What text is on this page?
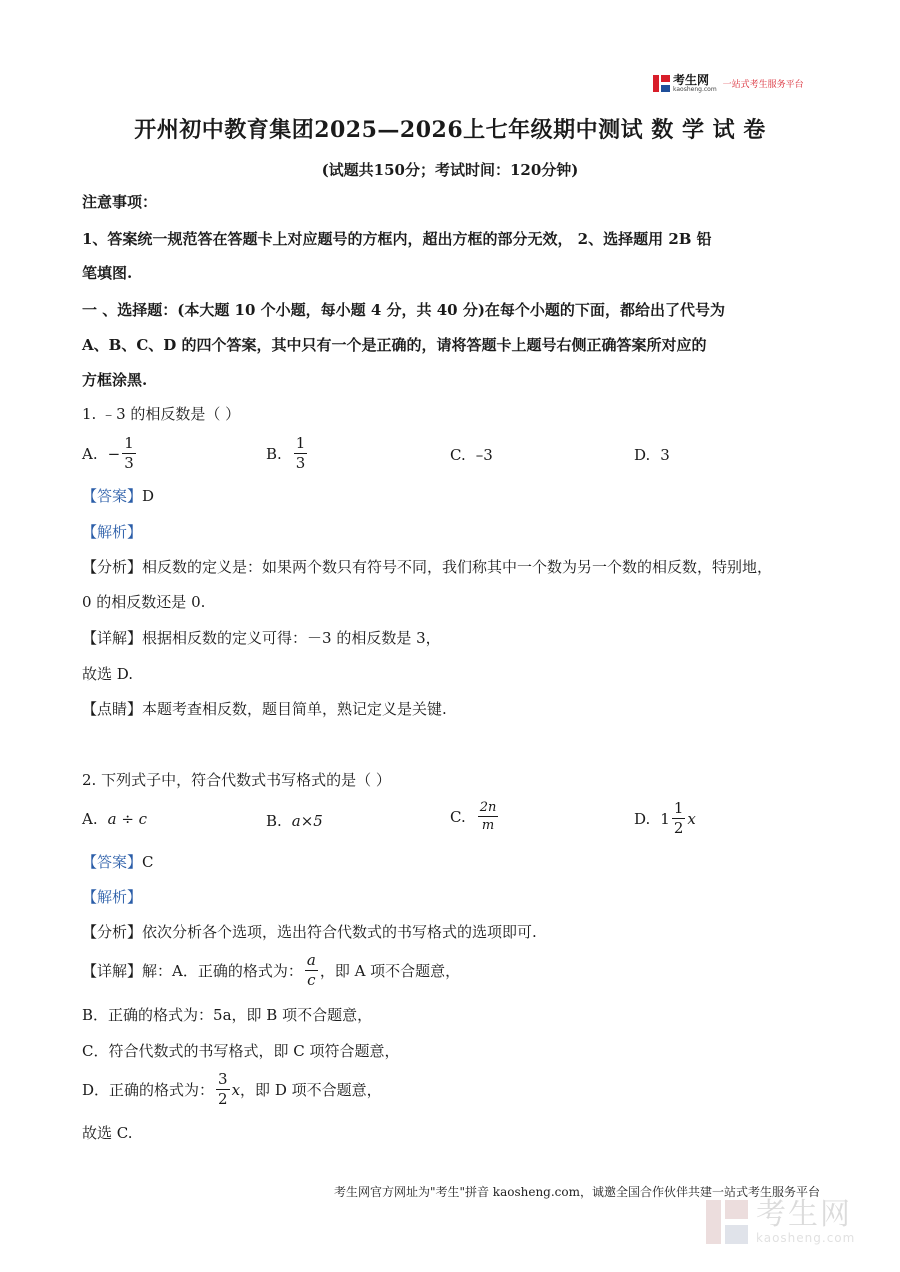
考生网
kaosheng.com 一站式考生服务平台
开州初中教育集团2025—2026上七年级期中测试 数 学 试 卷
(试题共150分；考试时间：120分钟)
注意事项：
1、答案统一规范答在答题卡上对应题号的方框内，超出方框的部分无效， 2、选择题用 2B 铅
笔填图.
一 、选择题：(本大题 10 个小题，每小题 4 分，共 40 分)在每个小题的下面，都给出了代号为
A、B、C、D 的四个答案，其中只有一个是正确的，请将答题卡上题号右侧正确答案所对应的
方框涂黑.
1. ﹣3 的相反数是（ ）
A. − $\frac{1}{3}$	B. $\frac{1}{3}$	C. –3	D. 3
【答案】D
【解析】
【分析】相反数的定义是：如果两个数只有符号不同，我们称其中一个数为另一个数的相反数，特别地，
0 的相反数还是 0.
【详解】根据相反数的定义可得：－3 的相反数是 3，
故选 D.
【点睛】本题考查相反数，题目简单，熟记定义是关键.
2. 下列式子中，符合代数式书写格式的是（ ）
A. a ÷ c	B. a×5	C. $\frac{2n}{m}$	D. $1 \frac{1}{2}$ x
【答案】C
【解析】
【分析】依次分析各个选项，选出符合代数式的书写格式的选项即可.
【详解】 解：A．正确的格式为： $\frac{a}{c}$ ，即 A 项不合题意，
B．正确的格式为：5a，即 B 项不合题意，
C．符合代数式的书写格式，即 C 项符合题意，
D．正确的格式为： $\frac{3}{2}$ x ，即 D 项不合题意，
故选 C.
考生网官方网址为"考生"拼音 kaosheng.com，诚邀全国合作伙伴共建一站式考生服务平台
考生网
kaosheng.com
